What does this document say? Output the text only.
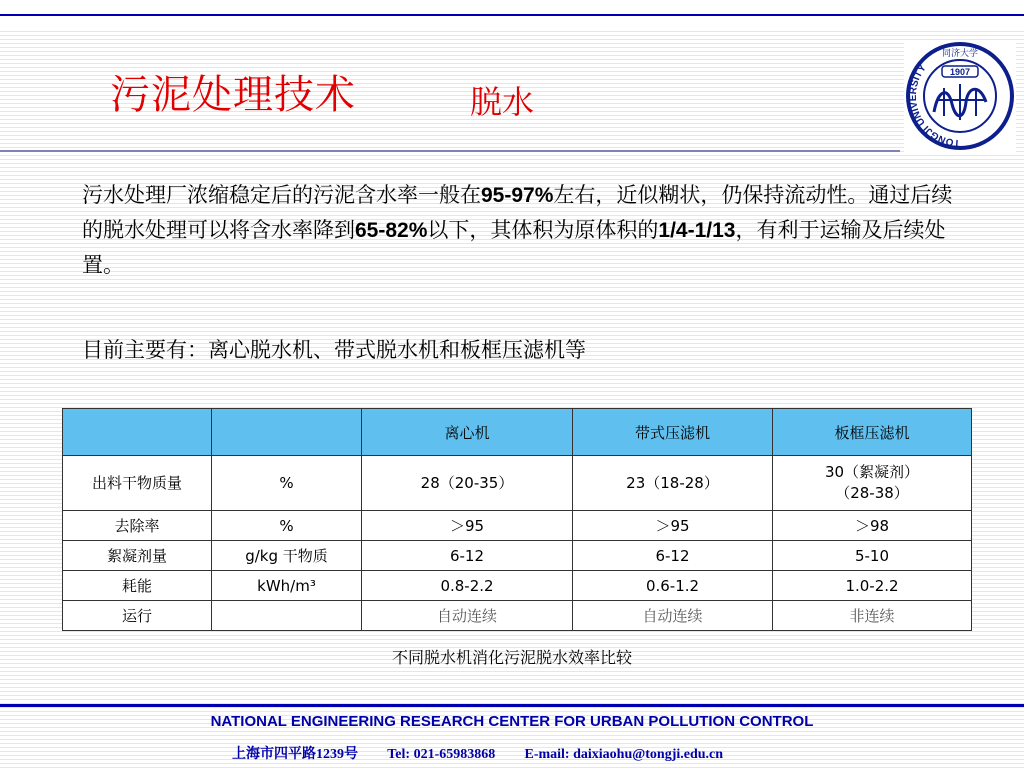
污泥处理技术	脱水
TONGJI UNIVERSITY
同济大学
1907
污水处理厂浓缩稳定后的污泥含水率一般在95-97%左右，近似糊状，仍保持流动性。通过后续的脱水处理可以将含水率降到65-82%以下，其体积为原体积的1/4-1/13，有利于运输及后续处置。
目前主要有：离心脱水机、带式脱水机和板框压滤机等
		离心机	带式压滤机	板框压滤机
出料干物质量	%	28（20-35）	23（18-28）	30（絮凝剂）
（28-38）
去除率	%	＞95	＞95	＞98
絮凝剂量	g/kg 干物质	6-12	6-12	5-10
耗能	kWh/m³	0.8-2.2	0.6-1.2	1.0-2.2
运行		自动连续	自动连续	非连续
不同脱水机消化污泥脱水效率比较
NATIONAL ENGINEERING RESEARCH CENTER FOR URBAN POLLUTION CONTROL
上海市四平路1239号 Tel: 021-65983868 E-mail: daixiaohu@tongji.edu.cn
